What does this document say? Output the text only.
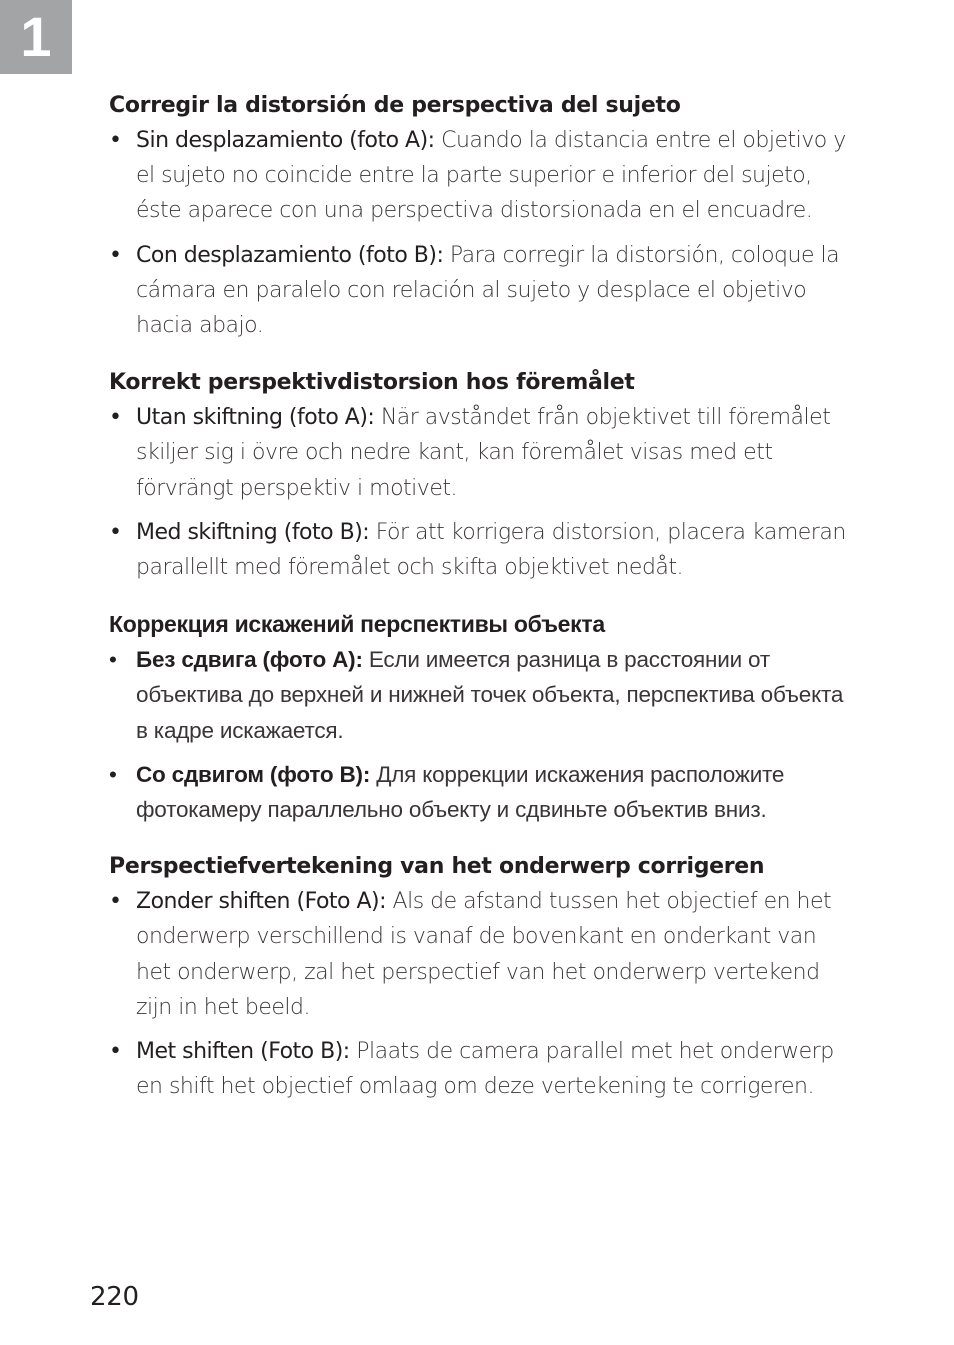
1
Corregir la distorsión de perspectiva del sujeto
• Sin desplazamiento (foto A): Cuando la distancia entre el objetivo y el sujeto no coincide entre la parte superior e inferior del sujeto, éste aparece con una perspectiva distorsionada en el encuadre.
• Con desplazamiento (foto B): Para corregir la distorsión, coloque la cámara en paralelo con relación al sujeto y desplace el objetivo hacia abajo.
Korrekt perspektivdistorsion hos föremålet
• Utan skiftning (foto A): När avståndet från objektivet till föremålet skiljer sig i övre och nedre kant, kan föremålet visas med ett förvrängt perspektiv i motivet.
• Med skiftning (foto B): För att korrigera distorsion, placera kameran parallellt med föremålet och skifta objektivet nedåt.
Коррекция искажений перспективы объекта
• Без сдвига (фото A): Если имеется разница в расстоянии от объектива до верхней и нижней точек объекта, перспектива объекта в кадре искажается.
• Со сдвигом (фото B): Для коррекции искажения расположите фотокамеру параллельно объекту и сдвиньте объектив вниз.
Perspectiefvertekening van het onderwerp corrigeren
• Zonder shiften (Foto A): Als de afstand tussen het objectief en het onderwerp verschillend is vanaf de bovenkant en onderkant van het onderwerp, zal het perspectief van het onderwerp vertekend zijn in het beeld.
• Met shiften (Foto B): Plaats de camera parallel met het onderwerp en shift het objectief omlaag om deze vertekening te corrigeren.
220
